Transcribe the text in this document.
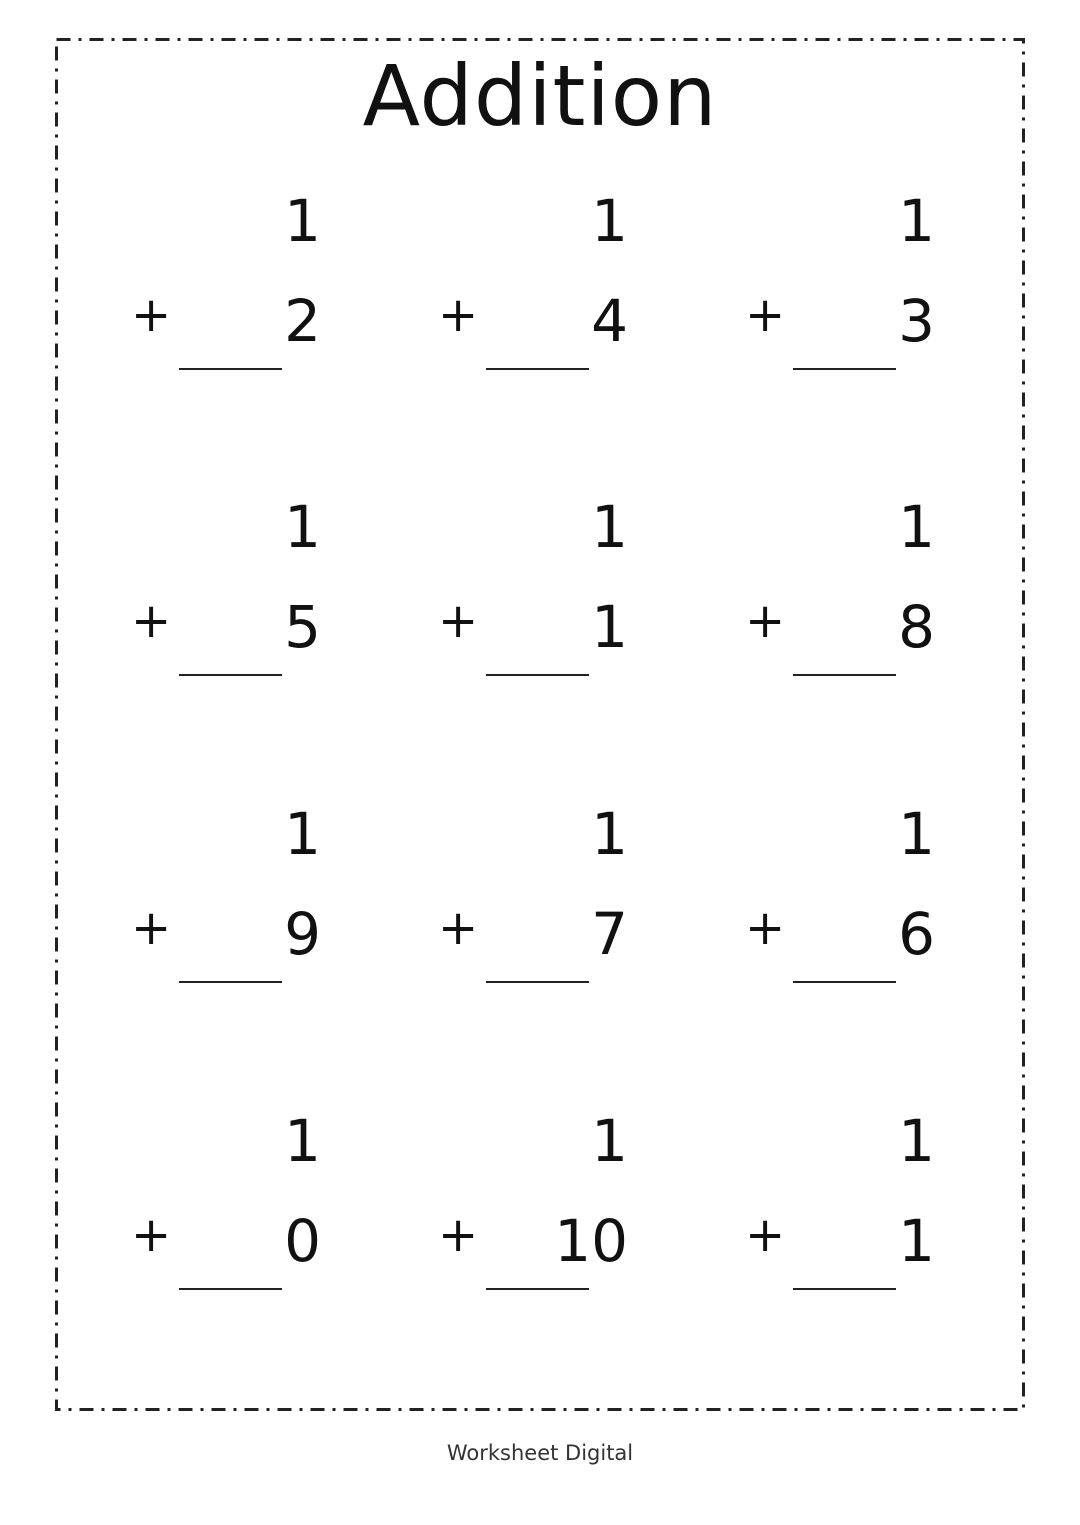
Addition
1
+	2
1
+	4
1
+	3
1
+	5
1
+	1
1
+	8
1
+	9
1
+	7
1
+	6
1
+	0
1
+	10
1
+	1
Worksheet Digital
